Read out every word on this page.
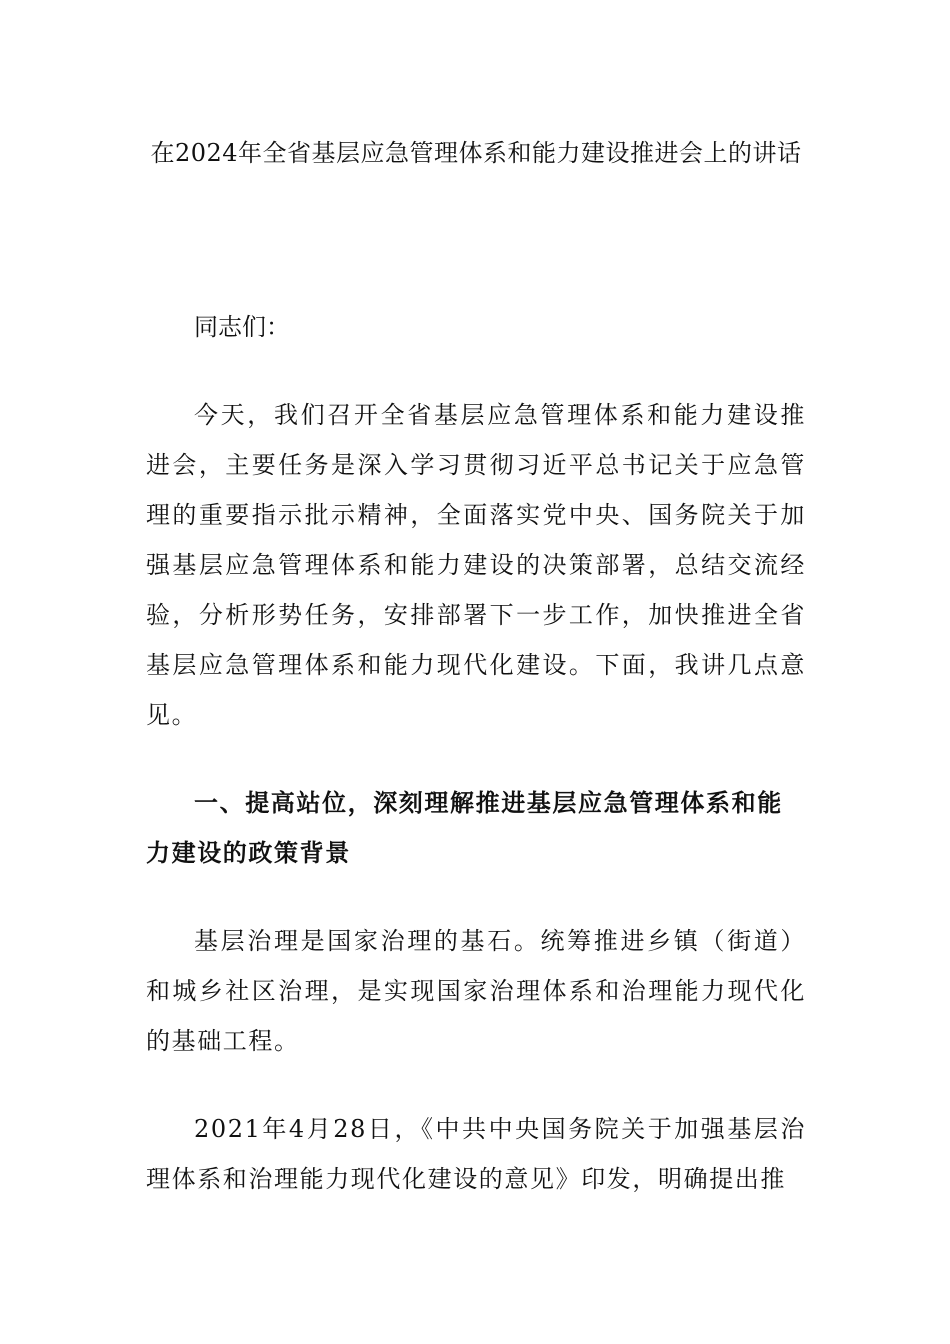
在2024年全省基层应急管理体系和能力建设推进会上的讲话

同志们：

今天，我们召开全省基层应急管理体系和能力建设推进会，主要任务是深入学习贯彻习近平总书记关于应急管理的重要指示批示精神，全面落实党中央、国务院关于加强基层应急管理体系和能力建设的决策部署，总结交流经验，分析形势任务，安排部署下一步工作，加快推进全省基层应急管理体系和能力现代化建设。下面，我讲几点意见。

一、提高站位，深刻理解推进基层应急管理体系和能力建设的政策背景

基层治理是国家治理的基石。统筹推进乡镇（街道）和城乡社区治理，是实现国家治理体系和治理能力现代化的基础工程。

2021年4月28日，《中共中央国务院关于加强基层治理体系和治理能力现代化建设的意见》印发，明确提出推
